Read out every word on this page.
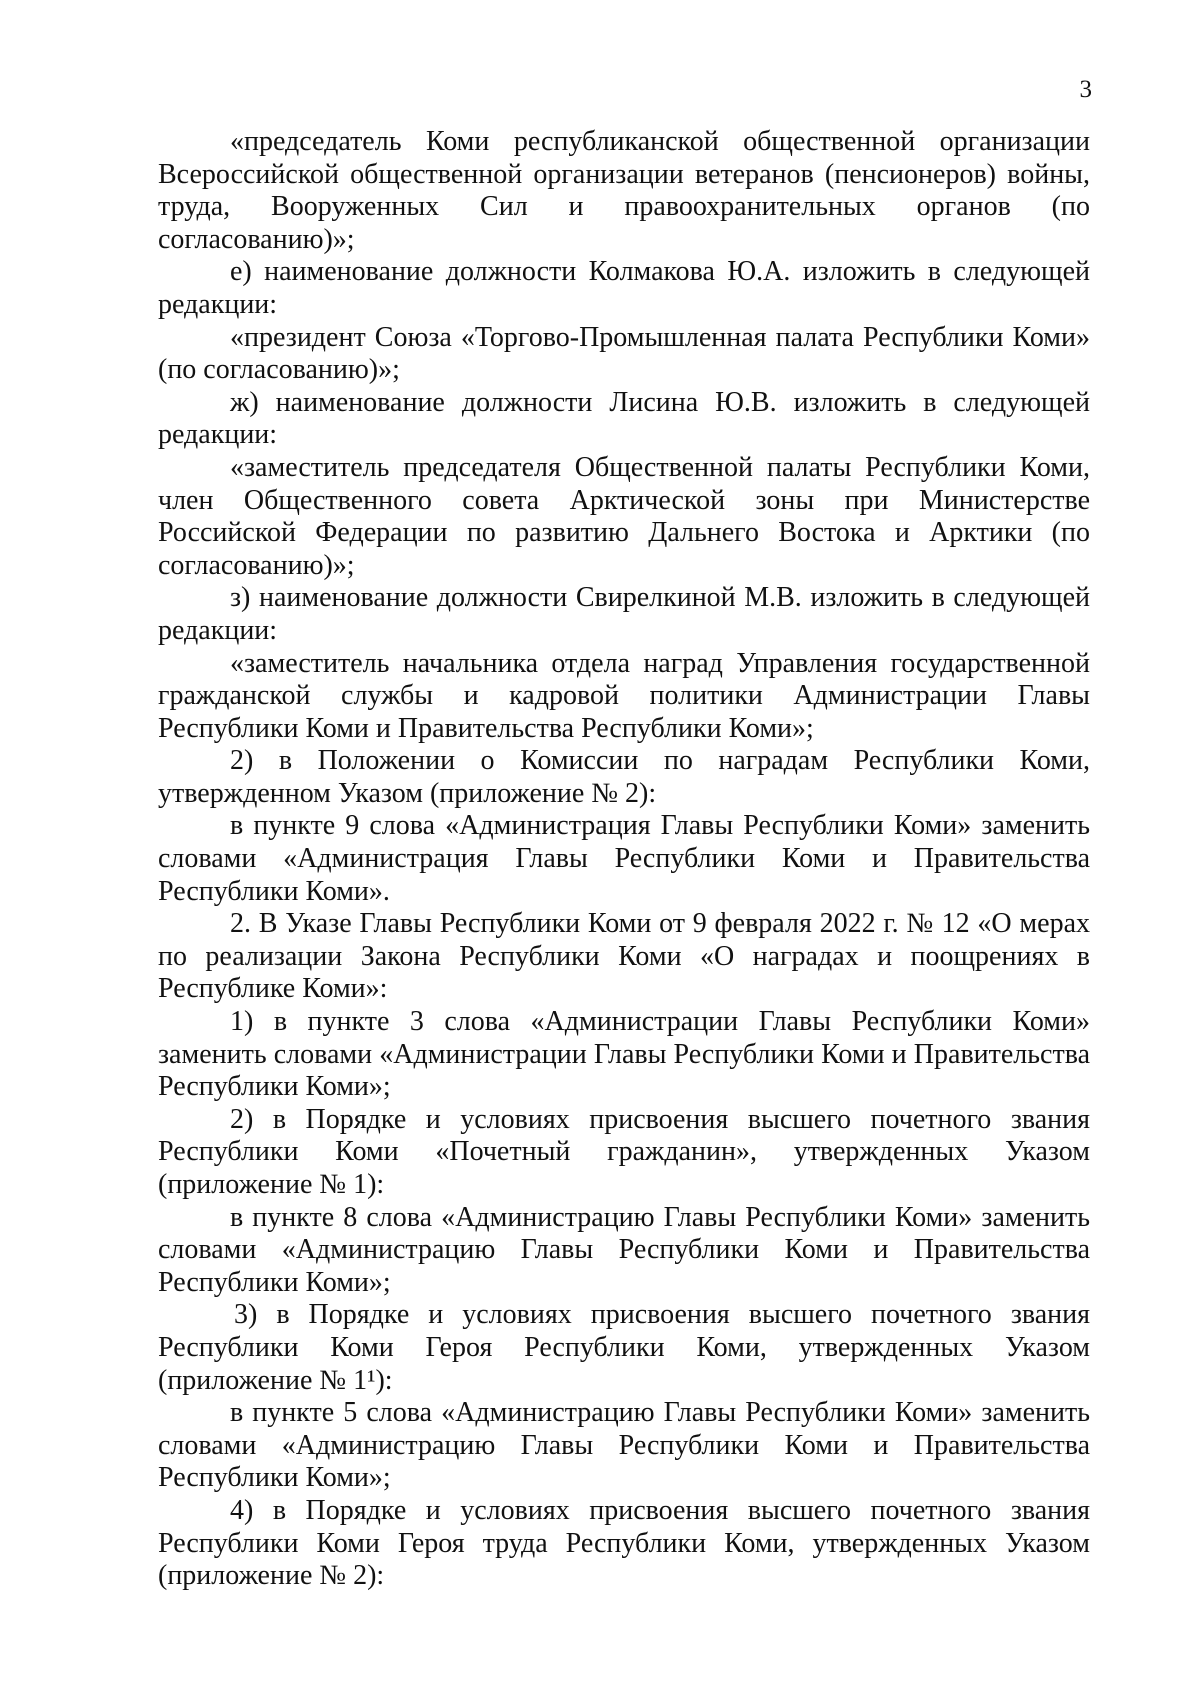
3

«председатель Коми республиканской общественной организации Всероссийской общественной организации ветеранов (пенсионеров) войны, труда, Вооруженных Сил и правоохранительных органов (по согласованию)»;

е) наименование должности Колмакова Ю.А. изложить в следующей редакции:

«президент Союза «Торгово-Промышленная палата Республики Коми» (по согласованию)»;

ж) наименование должности Лисина Ю.В. изложить в следующей редакции:

«заместитель председателя Общественной палаты Республики Коми, член Общественного совета Арктической зоны при Министерстве Российской Федерации по развитию Дальнего Востока и Арктики (по согласованию)»;

з) наименование должности Свирелкиной М.В. изложить в следующей редакции:

«заместитель начальника отдела наград Управления государственной гражданской службы и кадровой политики Администрации Главы Республики Коми и Правительства Республики Коми»;

2) в Положении о Комиссии по наградам Республики Коми, утвержденном Указом (приложение № 2):

в пункте 9 слова «Администрация Главы Республики Коми» заменить словами «Администрация Главы Республики Коми и Правительства Республики Коми».

2. В Указе Главы Республики Коми от 9 февраля 2022 г. № 12 «О мерах по реализации Закона Республики Коми «О наградах и поощрениях в Республике Коми»:

1) в пункте 3 слова «Администрации Главы Республики Коми» заменить словами «Администрации Главы Республики Коми и Правительства Республики Коми»;

2) в Порядке и условиях присвоения высшего почетного звания Республики Коми «Почетный гражданин», утвержденных Указом (приложение № 1):

в пункте 8 слова «Администрацию Главы Республики Коми» заменить словами «Администрацию Главы Республики Коми и Правительства Республики Коми»;

3) в Порядке и условиях присвоения высшего почетного звания Республики Коми Героя Республики Коми, утвержденных Указом (приложение № 1¹):

в пункте 5 слова «Администрацию Главы Республики Коми» заменить словами «Администрацию Главы Республики Коми и Правительства Республики Коми»;

4) в Порядке и условиях присвоения высшего почетного звания Республики Коми Героя труда Республики Коми, утвержденных Указом (приложение № 2):
